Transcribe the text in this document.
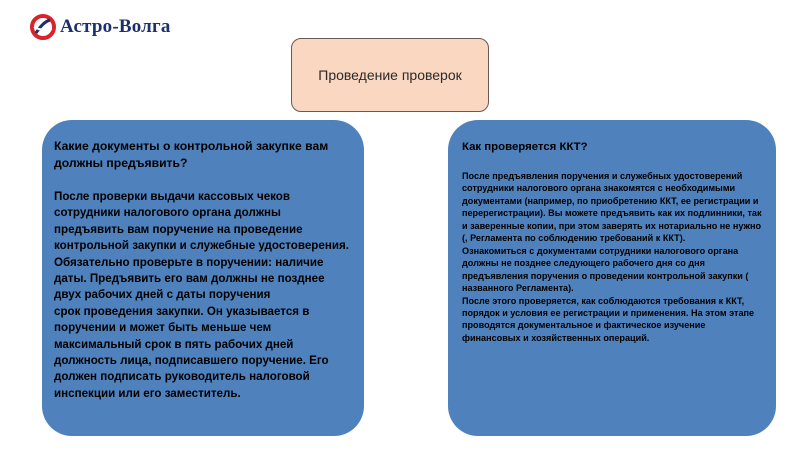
Астро-Волга
Проведение проверок
Какие документы о контрольной закупке вам должны предъявить?

После проверки выдачи кассовых чеков сотрудники налогового органа должны предъявить вам поручение на проведение контрольной закупки и служебные удостоверения.

Обязательно проверьте в поручении: наличие даты. Предъявить его вам должны не позднее двух рабочих дней с даты поручения

срок проведения закупки. Он указывается в поручении и может быть меньше чем максимальный срок в пять рабочих дней

должность лица, подписавшего поручение. Его должен подписать руководитель налоговой инспекции или его заместитель.

Как проверяется ККТ?

После предъявления поручения и служебных удостоверений сотрудники налогового органа знакомятся с необходимыми документами (например, по приобретению ККТ, ее регистрации и перерегистрации). Вы можете предъявить как их подлинники, так и заверенные копии, при этом заверять их нотариально не нужно (, Регламента по соблюдению требований к ККТ).

Ознакомиться с документами сотрудники налогового органа должны не позднее следующего рабочего дня со дня предъявления поручения о проведении контрольной закупки ( названного Регламента).

После этого проверяется, как соблюдаются требования к ККТ, порядок и условия ее регистрации и применения. На этом этапе проводятся документальное и фактическое изучение финансовых и хозяйственных операций.
